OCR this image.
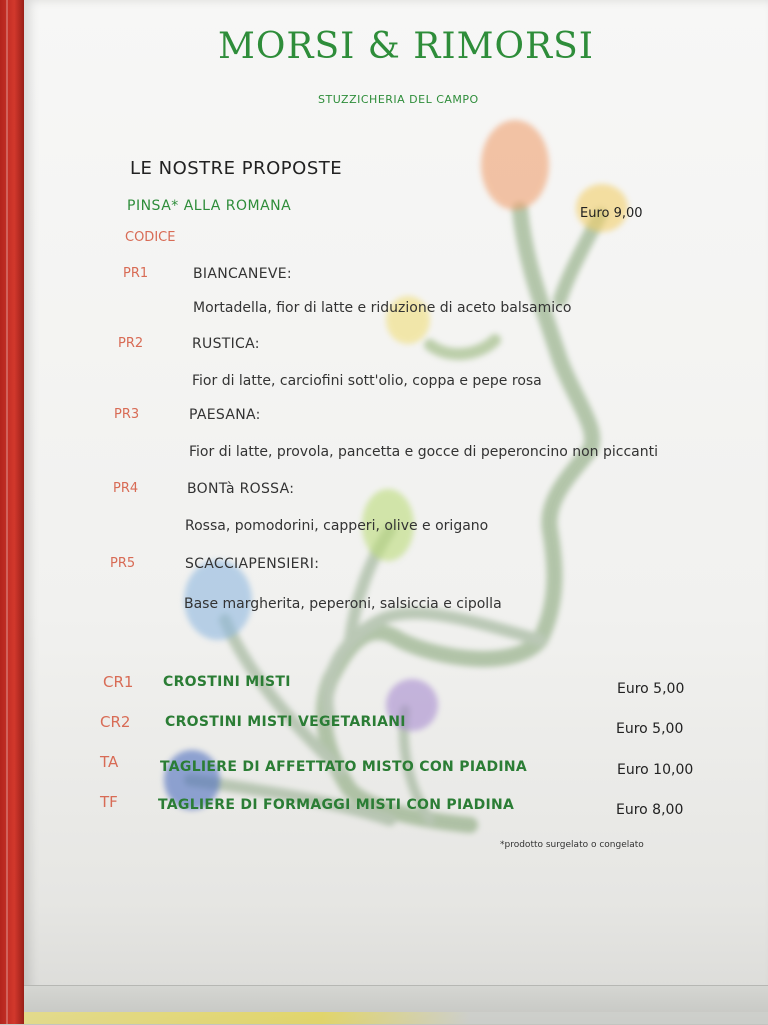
MORSI & RIMORSI
STUZZICHERIA DEL CAMPO
LE NOSTRE PROPOSTE
PINSA* ALLA ROMANA	Euro 9,00
CODICE
PR1	BIANCANEVE:
Mortadella, fior di latte e riduzione di aceto balsamico
PR2	RUSTICA:
Fior di latte, carciofini sott'olio, coppa e pepe rosa
PR3	PAESANA:
Fior di latte, provola, pancetta e gocce di peperoncino non piccanti
PR4	BONTà ROSSA:
Rossa, pomodorini, capperi, olive e origano
PR5	SCACCIAPENSIERI:
Base margherita, peperoni, salsiccia e cipolla
CR1 CROSTINI MISTI	Euro 5,00
CR2 CROSTINI MISTI VEGETARIANI	Euro 5,00
TA	TAGLIERE DI AFFETTATO MISTO CON PIADINA	Euro 10,00
TF	TAGLIERE DI FORMAGGI MISTI CON PIADINA	Euro 8,00
*prodotto surgelato o congelato
